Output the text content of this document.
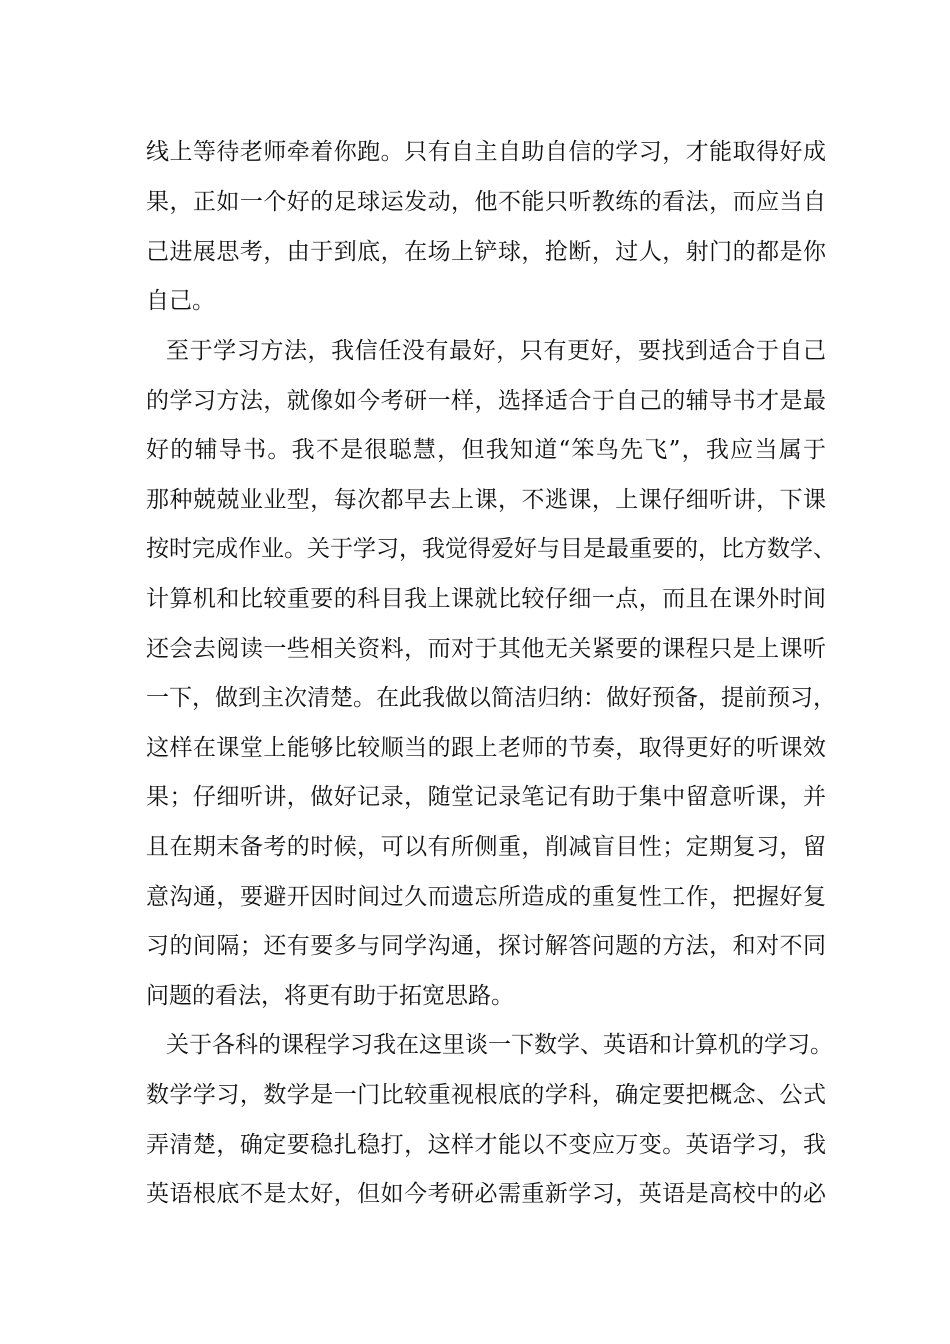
线上等待老师牵着你跑。只有自主自助自信的学习，才能取得好成
果，正如一个好的足球运发动，他不能只听教练的看法，而应当自
己进展思考，由于到底，在场上铲球，抢断，过人，射门的都是你
自己。
至于学习方法，我信任没有最好，只有更好，要找到适合于自己
的学习方法，就像如今考研一样，选择适合于自己的辅导书才是最
好的辅导书。我不是很聪慧，但我知道“笨鸟先飞”，我应当属于
那种兢兢业业型，每次都早去上课，不逃课，上课仔细听讲，下课
按时完成作业。关于学习，我觉得爱好与目是最重要的，比方数学、
计算机和比较重要的科目我上课就比较仔细一点，而且在课外时间
还会去阅读一些相关资料，而对于其他无关紧要的课程只是上课听
一下，做到主次清楚。在此我做以简洁归纳：做好预备，提前预习，
这样在课堂上能够比较顺当的跟上老师的节奏，取得更好的听课效
果；仔细听讲，做好记录，随堂记录笔记有助于集中留意听课，并
且在期末备考的时候，可以有所侧重，削减盲目性；定期复习，留
意沟通，要避开因时间过久而遗忘所造成的重复性工作，把握好复
习的间隔；还有要多与同学沟通，探讨解答问题的方法，和对不同
问题的看法，将更有助于拓宽思路。
关于各科的课程学习我在这里谈一下数学、英语和计算机的学习。
数学学习，数学是一门比较重视根底的学科，确定要把概念、公式
弄清楚，确定要稳扎稳打，这样才能以不变应万变。英语学习，我
英语根底不是太好，但如今考研必需重新学习，英语是高校中的必
